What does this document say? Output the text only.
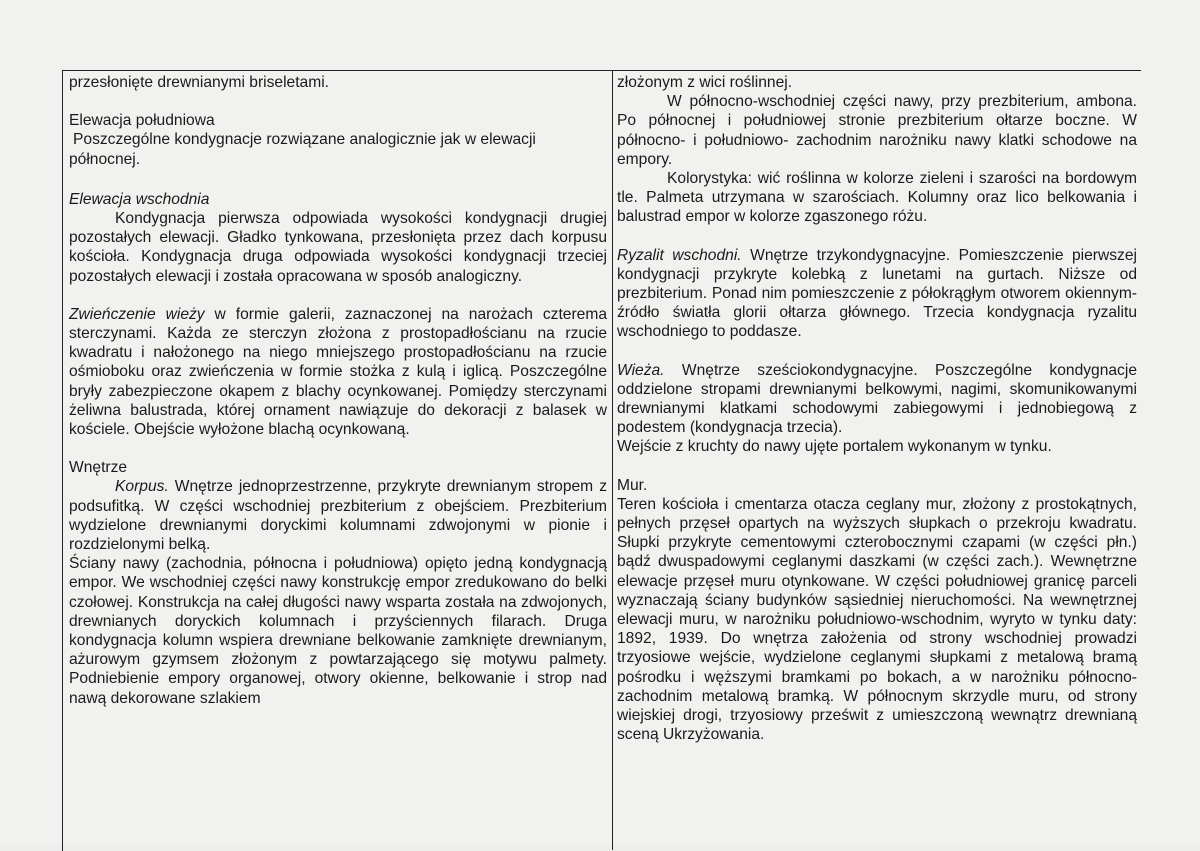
przesłonięte drewnianymi briseletami.

Elewacja południowa

Poszczególne kondygnacje rozwiązane analogicznie jak w elewacji północnej.

Elewacja wschodnia

Kondygnacja pierwsza odpowiada wysokości kondygnacji drugiej pozostałych elewacji. Gładko tynkowana, przesłonięta przez dach korpusu kościoła. Kondygnacja druga odpowiada wysokości kondygnacji trzeciej pozostałych elewacji i została opracowana w sposób analogiczny.

Zwieńczenie wieży w formie galerii, zaznaczonej na narożach czterema sterczynami. Każda ze sterczyn złożona z prostopadłościanu na rzucie kwadratu i nałożonego na niego mniejszego prostopadłościanu na rzucie ośmioboku oraz zwieńczenia w formie stożka z kulą i iglicą. Poszczególne bryły zabezpieczone okapem z blachy ocynkowanej. Pomiędzy sterczynami żeliwna balustrada, której ornament nawiązuje do dekoracji z balasek w kościele. Obejście wyłożone blachą ocynkowaną.

Wnętrze

Korpus. Wnętrze jednoprzestrzenne, przykryte drewnianym stropem z podsufitką. W części wschodniej prezbiterium z obejściem. Prezbiterium wydzielone drewnianymi doryckimi kolumnami zdwojonymi w pionie i rozdzielonymi belką.

Ściany nawy (zachodnia, północna i południowa) opięto jedną kondygnacją empor. We wschodniej części nawy konstrukcję empor zredukowano do belki czołowej. Konstrukcja na całej długości nawy wsparta została na zdwojonych, drewnianych doryckich kolumnach i przyściennych filarach. Druga kondygnacja kolumn wspiera drewniane belkowanie zamknięte drewnianym, ażurowym gzymsem złożonym z powtarzającego się motywu palmety. Podniebienie empory organowej, otwory okienne, belkowanie i strop nad nawą dekorowane szlakiem

złożonym z wici roślinnej.

W północno-wschodniej części nawy, przy prezbiterium, ambona. Po północnej i południowej stronie prezbiterium ołtarze boczne. W północno- i południowo- zachodnim narożniku nawy klatki schodowe na empory.

Kolorystyka: wić roślinna w kolorze zieleni i szarości na bordowym tle. Palmeta utrzymana w szarościach. Kolumny oraz lico belkowania i balustrad empor w kolorze zgaszonego różu.

Ryzalit wschodni. Wnętrze trzykondygnacyjne. Pomieszczenie pierwszej kondygnacji przykryte kolebką z lunetami na gurtach. Niższe od prezbiterium. Ponad nim pomieszczenie z półokrągłym otworem okiennym-źródło światła glorii ołtarza głównego. Trzecia kondygnacja ryzalitu wschodniego to poddasze.

Wieża. Wnętrze sześciokondygnacyjne. Poszczególne kondygnacje oddzielone stropami drewnianymi belkowymi, nagimi, skomunikowanymi drewnianymi klatkami schodowymi zabiegowymi i jednobiegową z podestem (kondygnacja trzecia).

Wejście z kruchty do nawy ujęte portalem wykonanym w tynku.

Mur.

Teren kościoła i cmentarza otacza ceglany mur, złożony z prostokątnych, pełnych przęseł opartych na wyższych słupkach o przekroju kwadratu. Słupki przykryte cementowymi czterobocznymi czapami (w części płn.) bądź dwuspadowymi ceglanymi daszkami (w części zach.). Wewnętrzne elewacje przęseł muru otynkowane. W części południowej granicę parceli wyznaczają ściany budynków sąsiedniej nieruchomości. Na wewnętrznej elewacji muru, w narożniku południowo-wschodnim, wyryto w tynku daty: 1892, 1939. Do wnętrza założenia od strony wschodniej prowadzi trzyosiowe wejście, wydzielone ceglanymi słupkami z metalową bramą pośrodku i węższymi bramkami po bokach, a w narożniku północno-zachodnim metalową bramką. W północnym skrzydle muru, od strony wiejskiej drogi, trzyosiowy prześwit z umieszczoną wewnątrz drewnianą sceną Ukrzyżowania.
